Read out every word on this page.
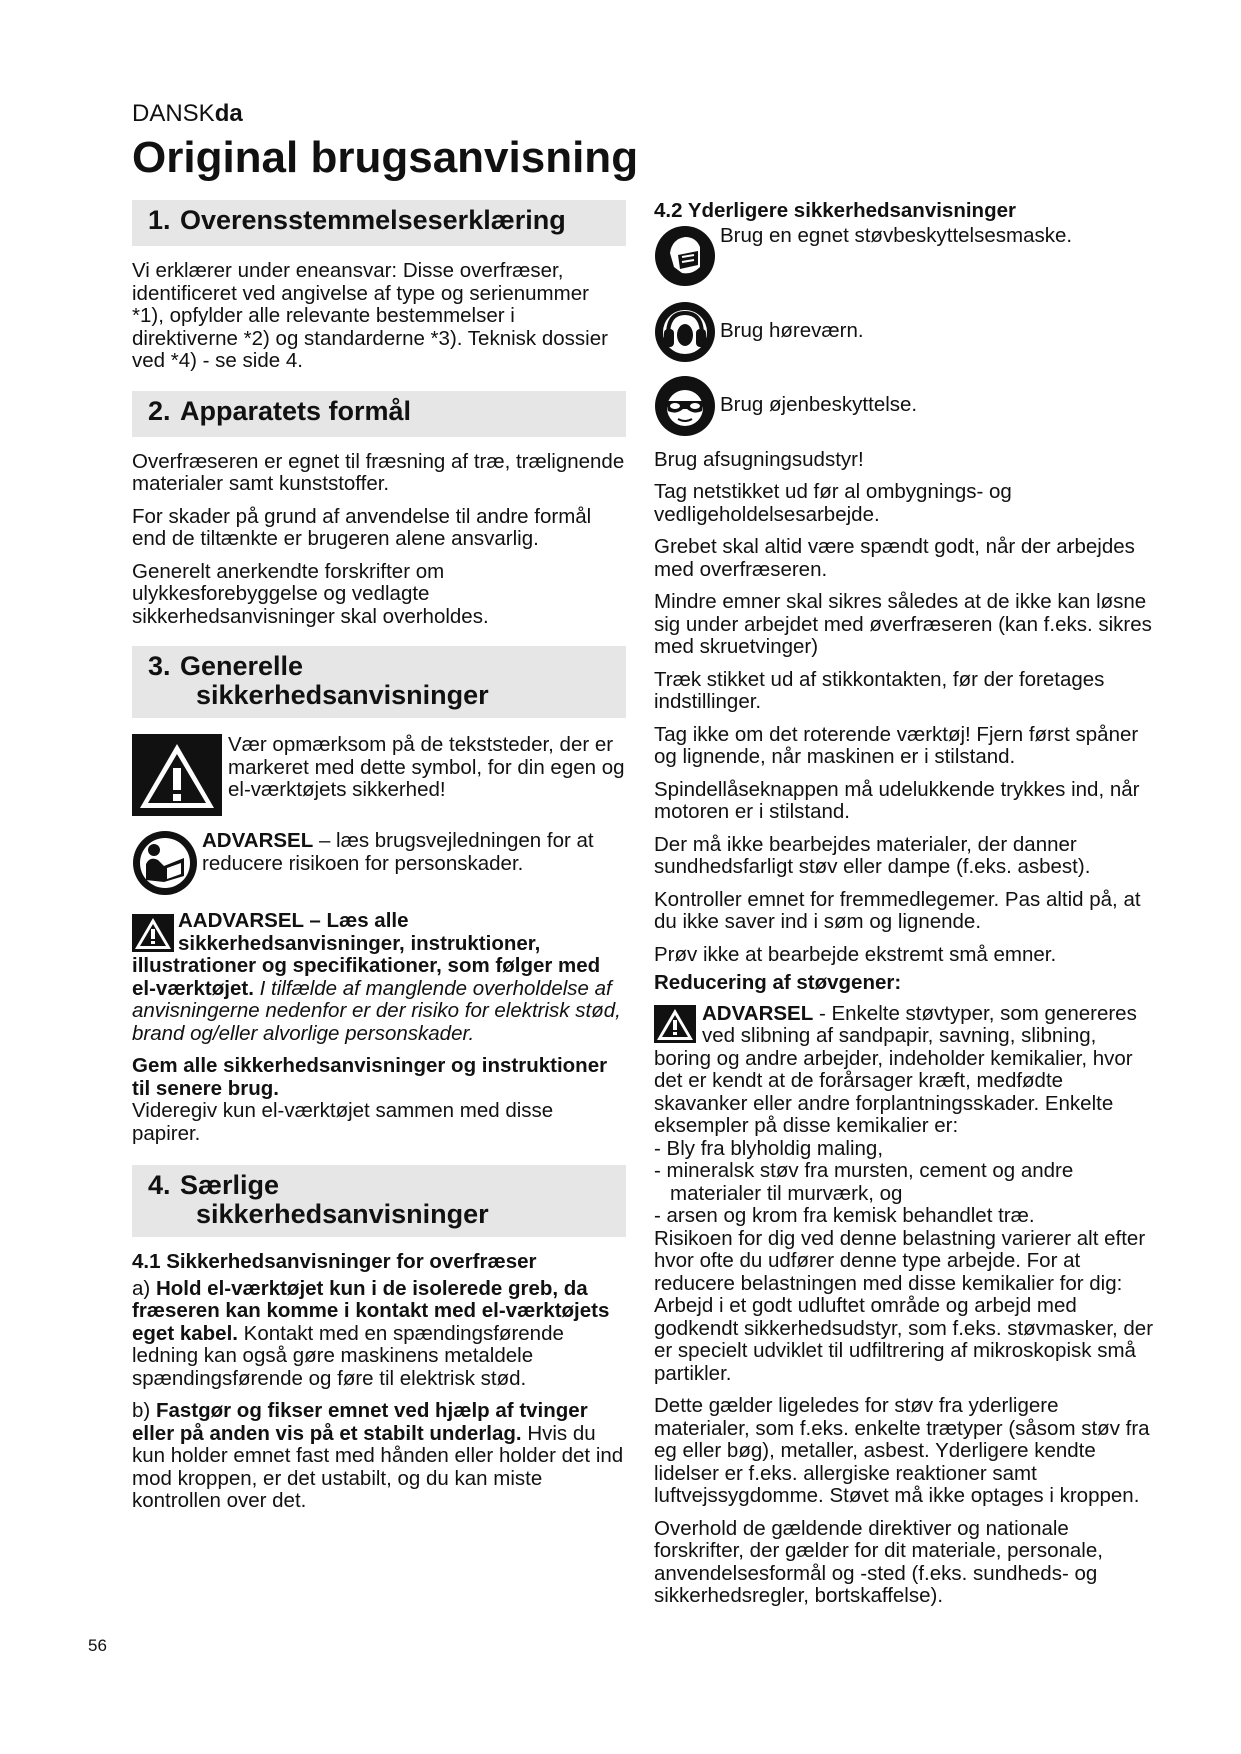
DANSKda
Original brugsanvisning
1. Overensstemmelseserklæring

Vi erklærer under eneansvar: Disse overfræser, identificeret ved angivelse af type og serienummer *1), opfylder alle relevante bestemmelser i direktiverne *2) og standarderne *3). Teknisk dossier ved *4) - se side 4.

2. Apparatets formål

Overfræseren er egnet til fræsning af træ, trælignende materialer samt kunststoffer.

For skader på grund af anvendelse til andre formål end de tiltænkte er brugeren alene ansvarlig.

Generelt anerkendte forskrifter om ulykkesforebyggelse og vedlagte sikkerhedsanvisninger skal overholdes.

3. Generelle
sikkerhedsanvisninger

Vær opmærksom på de tekststeder, der er markeret med dette symbol, for din egen og el-værktøjets sikkerhed!

ADVARSEL – læs brugsvejledningen for at reducere risikoen for personskader.

AADVARSEL – Læs alle sikkerhedsanvisninger, instruktioner, illustrationer og specifikationer, som følger med el-værktøjet. I tilfælde af manglende overholdelse af anvisningerne nedenfor er der risiko for elektrisk stød, brand og/eller alvorlige personskader.

Gem alle sikkerhedsanvisninger og instruktioner til senere brug.

Videregiv kun el-værktøjet sammen med disse papirer.

4. Særlige
sikkerhedsanvisninger

4.1 Sikkerhedsanvisninger for overfræser

a) Hold el-værktøjet kun i de isolerede greb, da fræseren kan komme i kontakt med el-værktøjets eget kabel. Kontakt med en spændingsførende ledning kan også gøre maskinens metaldele spændingsførende og føre til elektrisk stød.

b) Fastgør og fikser emnet ved hjælp af tvinger eller på anden vis på et stabilt underlag. Hvis du kun holder emnet fast med hånden eller holder det ind mod kroppen, er det ustabilt, og du kan miste kontrollen over det.

4.2 Yderligere sikkerhedsanvisninger

Brug en egnet støvbeskyttelsesmaske.

Brug høreværn.

Brug øjenbeskyttelse.

Brug afsugningsudstyr!

Tag netstikket ud før al ombygnings- og vedligeholdelsesarbejde.

Grebet skal altid være spændt godt, når der arbejdes med overfræseren.

Mindre emner skal sikres således at de ikke kan løsne sig under arbejdet med øverfræseren (kan f.eks. sikres med skruetvinger)

Træk stikket ud af stikkontakten, før der foretages indstillinger.

Tag ikke om det roterende værktøj! Fjern først spåner og lignende, når maskinen er i stilstand.

Spindellåseknappen må udelukkende trykkes ind, når motoren er i stilstand.

Der må ikke bearbejdes materialer, der danner sundhedsfarligt støv eller dampe (f.eks. asbest).

Kontroller emnet for fremmedlegemer. Pas altid på, at du ikke saver ind i søm og lignende.

Prøv ikke at bearbejde ekstremt små emner.

Reducering af støvgener:

ADVARSEL - Enkelte støvtyper, som genereres ved slibning af sandpapir, savning, slibning, boring og andre arbejder, indeholder kemikalier, hvor det er kendt at de forårsager kræft, medfødte skavanker eller andre forplantningsskader. Enkelte eksempler på disse kemikalier er:

- Bly fra blyholdig maling,

- mineralsk støv fra mursten, cement og andre

materialer til murværk, og

- arsen og krom fra kemisk behandlet træ.

Risikoen for dig ved denne belastning varierer alt efter hvor ofte du udfører denne type arbejde. For at reducere belastningen med disse kemikalier for dig: Arbejd i et godt udluftet område og arbejd med godkendt sikkerhedsudstyr, som f.eks. støvmasker, der er specielt udviklet til udfiltrering af mikroskopisk små partikler.

Dette gælder ligeledes for støv fra yderligere materialer, som f.eks. enkelte trætyper (såsom støv fra eg eller bøg), metaller, asbest. Yderligere kendte lidelser er f.eks. allergiske reaktioner samt luftvejssygdomme. Støvet må ikke optages i kroppen.

Overhold de gældende direktiver og nationale forskrifter, der gælder for dit materiale, personale, anvendelsesformål og -sted (f.eks. sundheds- og sikkerhedsregler, bortskaffelse).

56
